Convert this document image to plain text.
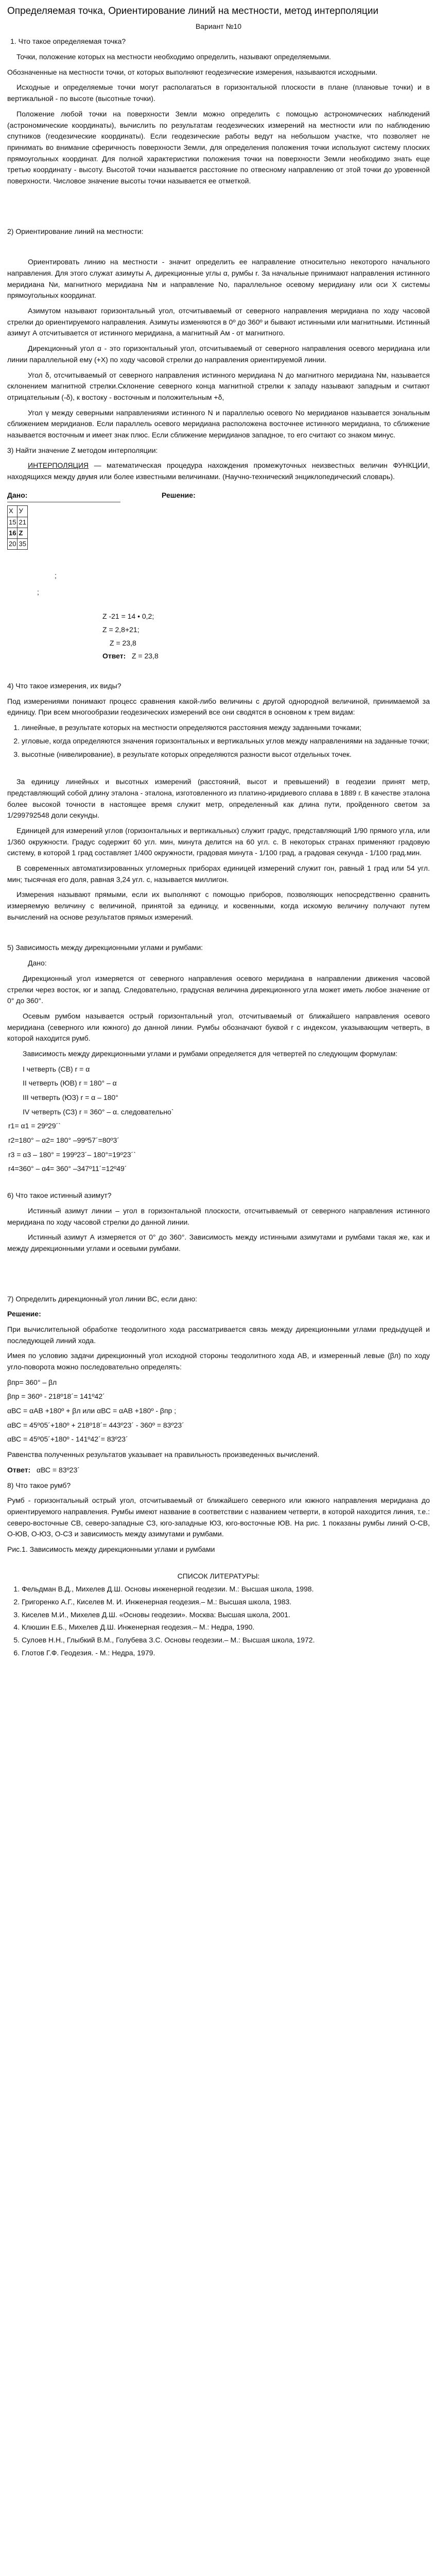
Определяемая точка, Ориентирование линий на местности, метод интерполяции
Вариант №10

1. Что такое определяемая точка?

Точки, положение которых на местности необходимо определить, называют определяемыми.

Обозначенные на местности точки, от которых выполняют геодезические измерения, называются исходными.

Исходные и определяемые точки могут располагаться в горизонтальной плоскости в плане (плановые точки) и в вертикальной - по высоте (высотные точки).

Положение любой точки на поверхности Земли можно определить с помощью астрономических наблюдений (астрономические координаты), вычислить по результатам геодезических измерений на местности или по наблюдению спутников (геодезические координаты). Если геодезические работы ведут на небольшом участке, что позволяет не принимать во внимание сферичность поверхности Земли, для определения положения точки используют систему плоских прямоугольных координат. Для полной характеристики положения точки на поверхности Земли необходимо знать еще третью координату - высоту. Высотой точки называется расстояние по отвесному направлению от этой точки до уровенной поверхности. Числовое значение высоты точки называется ее отметкой.

2) Ориентирование линий на местности:

Ориентировать линию на местности - значит определить ее направление относительно некоторого начального направления. Для этого служат азимуты А, дирекционные углы α, румбы r. За начальные принимают направления истинного меридиана Nи, магнитного меридиана Nм и направление Nо, параллельное осевому меридиану или оси Х системы прямоугольных координат.

Азимутом называют горизонтальный угол, отсчитываемый от северного направления меридиана по ходу часовой стрелки до ориентируемого направления. Азимуты изменяются в 0º до 360º и бывают истинными или магнитными. Истинный азимут А отсчитывается от истинного меридиана, а магнитный Ам - от магнитного.

Дирекционный угол α - это горизонтальный угол, отсчитываемый от северного направления осевого меридиана или линии параллельной ему (+Х) по ходу часовой стрелки до направления ориентируемой линии.

Угол δ, отсчитываемый от северного направления истинного меридиана N до магнитного меридиана Nм, называется склонением магнитной стрелки.Склонение северного конца магнитной стрелки к западу называют западным и считают отрицательным (-δ), к востоку - восточным и положительным +δ,

Угол γ между северными направлениями истинного N и параллелью осевого No меридианов называется зональным сближением меридианов. Если параллель осевого меридиана расположена восточнее истинного меридиана, то сближение называется восточным и имеет знак плюс. Если сближение меридианов западное, то его считают со знаком минус.

3) Найти значение Z методом интерполяции:

ИНТЕРПОЛЯЦИЯ — математическая процедура нахождения промежуточных неизвестных величин ФУНКЦИИ, находящихся между двумя или более известными величинами. (Научно-технический энциклопедический словарь).

Дано:	Решение:
X	У
15	21
16	Z
20	35
;
;
Z -21 = 14 • 0,2;
Z = 2,8+21;
Z = 23,8
Ответ: Z = 23,8

4) Что такое измерения, их виды?

Под измерениями понимают процесс сравнения какой-либо величины с другой однородной величиной, принимаемой за единицу. При всем многообразии геодезических измерений все они сводятся в основном к трем видам:

1. линейные, в результате которых на местности определяются расстояния между заданными точками;
2. угловые, когда определяются значения горизонтальных и вертикальных углов между направлениями на заданные точки;
3. высотные (нивелирование), в результате которых определяются разности высот отдельных точек.

За единицу линейных и высотных измерений (расстояний, высот и превышений) в геодезии принят метр, представляющий собой длину эталона - эталона, изготовленного из платино-иридиевого сплава в 1889 г. В качестве эталона более высокой точности в настоящее время служит метр, определенный как длина пути, пройденного светом за 1/299792548 доли секунды.

Единицей для измерений углов (горизонтальных и вертикальных) служит градус, представляющий 1/90 прямого угла, или 1/360 окружности. Градус содержит 60 угл. мин, минута делится на 60 угл. с. В некоторых странах применяют градовую систему, в которой 1 град составляет 1/400 окружности, градовая минута - 1/100 град, а градовая секунда - 1/100 град.мин.

В современных автоматизированных угломерных приборах единицей измерений служит гон, равный 1 град или 54 угл. мин; тысячная его доля, равная 3,24 угл. с, называется миллигон.

Измерения называют прямыми, если их выполняют с помощью приборов, позволяющих непосредственно сравнить измеряемую величину с величиной, принятой за единицу, и косвенными, когда искомую величину получают путем вычислений на основе результатов прямых измерений.

5) Зависимость между дирекционными углами и румбами:

Дано:

Дирекционный угол измеряется от северного направления осевого меридиана в направлении движения часовой стрелки через восток, юг и запад. Следовательно, градусная величина дирекционного угла может иметь любое значение от 0° до 360°.

Осевым румбом называется острый горизонтальный угол, отсчитываемый от ближайшего направления осевого меридиана (северного или южного) до данной линии. Румбы обозначают буквой r с индексом, указывающим четверть, в которой находится румб.

Зависимость между дирекционными углами и румбами определяется для четвертей по следующим формулам:

I четверть (СВ) r = α
II четверть (ЮВ) r = 180° – α
III четверть (ЮЗ) r = α – 180°
IV четверть (СЗ) r = 360° – α. следовательно`
r1= α1 = 29º29´`
r2=180° – α2= 180° –99º57´=80º3´
r3 = α3 – 180° = 199º23´– 180°=19º23´`
r4=360° – α4= 360° –347º11´=12º49´

6) Что такое истинный азимут?

Истинный азимут линии – угол в горизонтальной плоскости, отсчитываемый от северного направления истинного меридиана по ходу часовой стрелки до данной линии.

Истинный азимут А измеряется от 0° до 360°. Зависимость между истинными азимутами и румбами такая же, как и между дирекционными углами и осевыми румбами.

7) Определить дирекционный угол линии ВС, если дано:

Решение:

При вычислительной обработке теодолитного хода рассматривается связь между дирекционными углами предыдущей и последующей линий хода.

Имея по условию задачи дирекционный угол исходной стороны теодолитного хода АВ, и измеренный левые (βл) по ходу угло-поворота можно последовательно определять:

βпр= 360° – βл
βпр = 360º - 218º18´= 141º42´
αВС = αАВ +180º + βл или αВС = αАВ +180º - βпр ;
αВС = 45º05´+180º + 218º18´= 443º23´ - 360º = 83º23´
αВС = 45º05´+180º - 141º42´= 83º23´

Равенства полученных результатов указывает на правильность произведенных вычислений.

Ответ: αВС = 83º23´

8) Что такое румб?

Румб - горизонтальный острый угол, отсчитываемый от ближайшего северного или южного направления меридиана до ориентируемого направления. Румбы имеют название в соответствии с названием четверти, в которой находится линия, т.е.: северо-восточные СВ, северо-западные СЗ, юго-западные ЮЗ, юго-восточные ЮВ. На рис. 1 показаны румбы линий О-СВ, О-ЮВ, О-ЮЗ, О-СЗ и зависимость между азимутами и румбами.

Рис.1. Зависимость между дирекционными углами и румбами

СПИСОК ЛИТЕРАТУРЫ:
1. Фельдман В.Д., Михелев Д.Ш. Основы инженерной геодезии. М.: Высшая школа, 1998.
2. Григоренко А.Г., Киселев М. И. Инженерная геодезия.– М.: Высшая школа, 1983.
3. Киселев М.И., Михелев Д.Ш. «Основы геодезии». Москва: Высшая школа, 2001.
4. Клюшин Е.Б., Михелев Д.Ш. Инженерная геодезия.– М.: Недра, 1990.
5. Сулоев Н.Н., Глыбкий В.М., Голубева З.С. Основы геодезии.– М.: Высшая школа, 1972.
6. Глотов Г.Ф. Геодезия. - М.: Недра, 1979.
